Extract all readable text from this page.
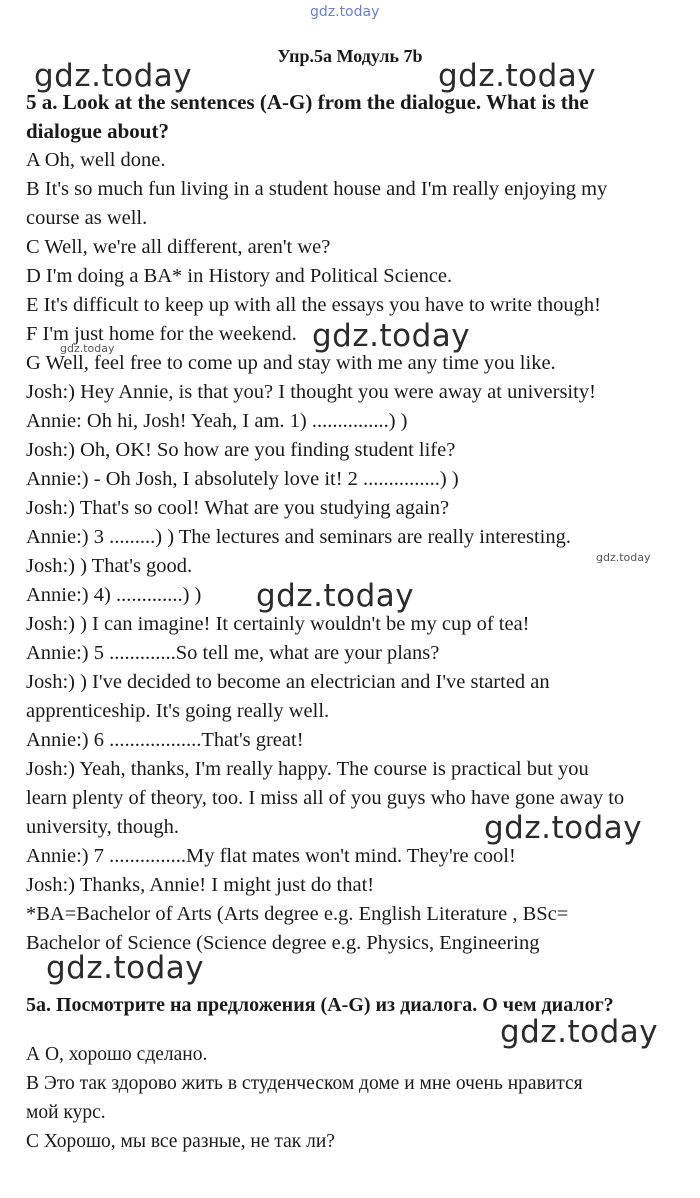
gdz.today
Упр.5а Модуль 7b
gdz.today	gdz.today
5 a. Look at the sentences (A-G) from the dialogue. What is the dialogue about?
A Oh, well done.
B It's so much fun living in a student house and I'm really enjoying my
course as well.
C Well, we're all different, aren't we?
D I'm doing a BA* in History and Political Science.
E It's difficult to keep up with all the essays you have to write though!
F I'm just home for the weekend.
G Well, feel free to come up and stay with me any time you like.
Josh:) Hey Annie, is that you? I thought you were away at university!
Annie: Oh hi, Josh! Yeah, I am. 1) ...............) )
Josh:) Oh, OK! So how are you finding student life?
Annie:) - Oh Josh, I absolutely love it! 2 ...............) )
Josh:) That's so cool! What are you studying again?
Annie:) 3 .........) ) The lectures and seminars are really interesting.
Josh:) ) That's good.
Annie:) 4) .............) )
Josh:) ) I can imagine! It certainly wouldn't be my cup of tea!
Annie:) 5 .............So tell me, what are your plans?
Josh:) ) I've decided to become an electrician and I've started an
apprenticeship. It's going really well.
Annie:) 6 ..................That's great!
Josh:) Yeah, thanks, I'm really happy. The course is practical but you
learn plenty of theory, too. I miss all of you guys who have gone away to
university, though.
Annie:) 7 ...............My flat mates won't mind. They're cool!
Josh:) Thanks, Annie! I might just do that!
*BA=Bachelor of Arts (Arts degree e.g. English Literature , BSc=
Bachelor of Science (Science degree e.g. Physics, Engineering
gdz.today	gdz.today
gdz.today
gdz.today
gdz.today
gdz.today
5а. Посмотрите на предложения (A-G) из диалога. О чем диалог?
gdz.today
А О, хорошо сделано.
В Это так здорово жить в студенческом доме и мне очень нравится
мой курс.
С Хорошо, мы все разные, не так ли?
